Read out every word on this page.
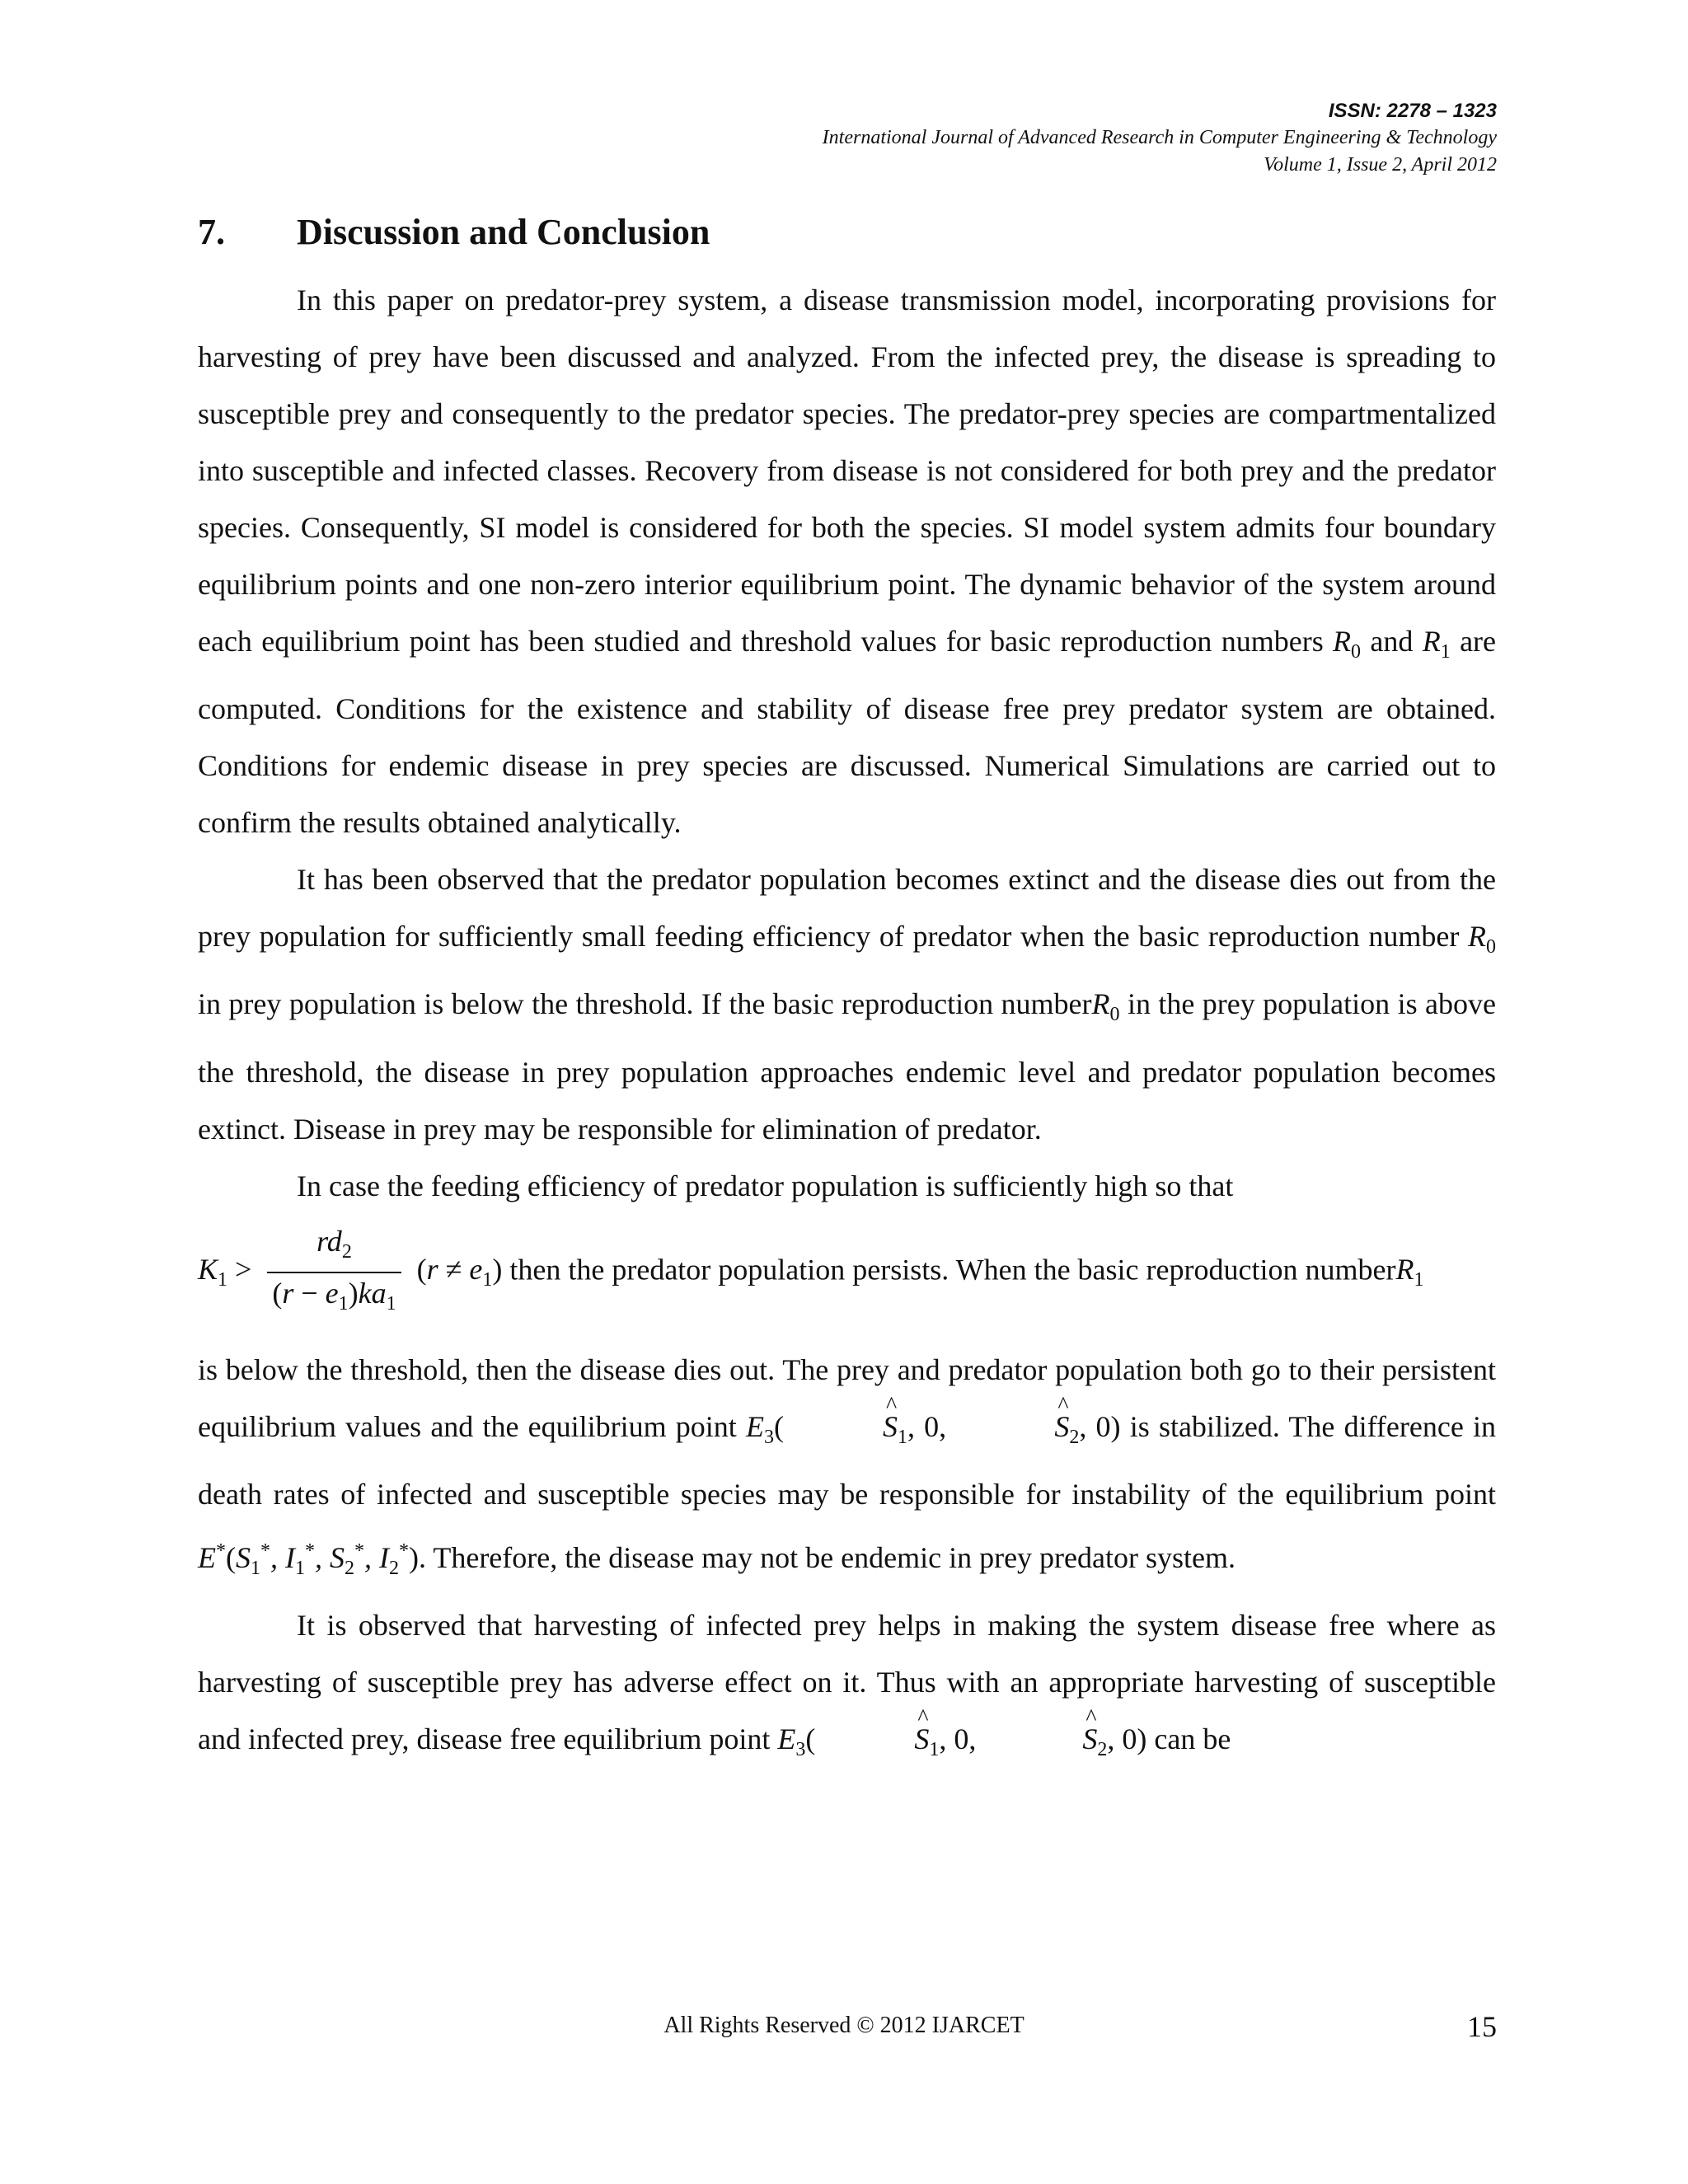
ISSN: 2278 – 1323
International Journal of Advanced Research in Computer Engineering & Technology
Volume 1, Issue 2, April 2012
7. Discussion and Conclusion

In this paper on predator-prey system, a disease transmission model, incorporating provisions for harvesting of prey have been discussed and analyzed. From the infected prey, the disease is spreading to susceptible prey and consequently to the predator species. The predator-prey species are compartmentalized into susceptible and infected classes. Recovery from disease is not considered for both prey and the predator species. Consequently, SI model is considered for both the species. SI model system admits four boundary equilibrium points and one non-zero interior equilibrium point. The dynamic behavior of the system around each equilibrium point has been studied and threshold values for basic reproduction numbers $R_0$ and $R_1$ are computed. Conditions for the existence and stability of disease free prey predator system are obtained. Conditions for endemic disease in prey species are discussed. Numerical Simulations are carried out to confirm the results obtained analytically.

It has been observed that the predator population becomes extinct and the disease dies out from the prey population for sufficiently small feeding efficiency of predator when the basic reproduction number $R_0$ in prey population is below the threshold. If the basic reproduction numberR$_0$ in the prey population is above the threshold, the disease in prey population approaches endemic level and predator population becomes extinct. Disease in prey may be responsible for elimination of predator.

In case the feeding efficiency of predator population is sufficiently high so that
$K_1 > \frac{rd_2}{(r - e_1)ka_1} (r \ne e_1)$ then the predator population persists. When the basic reproduction numberR$_1$
is below the threshold, then the disease dies out. The prey and predator population both go to their persistent equilibrium values and the equilibrium point $E_3(\^{}$	$S_1$, 0, ^	$S_2$, 0) is stabilized. The difference in death rates of infected and susceptible species may be responsible for instability of the equilibrium point $E^*(S_1^*$, $I_1^*$, $S_2^*$, $I_2^*$). Therefore, the disease may not be endemic in prey predator system.

It is observed that harvesting of infected prey helps in making the system disease free where as harvesting of susceptible prey has adverse effect on it. Thus with an appropriate harvesting of susceptible and infected prey, disease free equilibrium point $E_3(\^{}$	$S_1$, 0, ^	$S_2$, 0) can be

All Rights Reserved © 2012 IJARCET	15
